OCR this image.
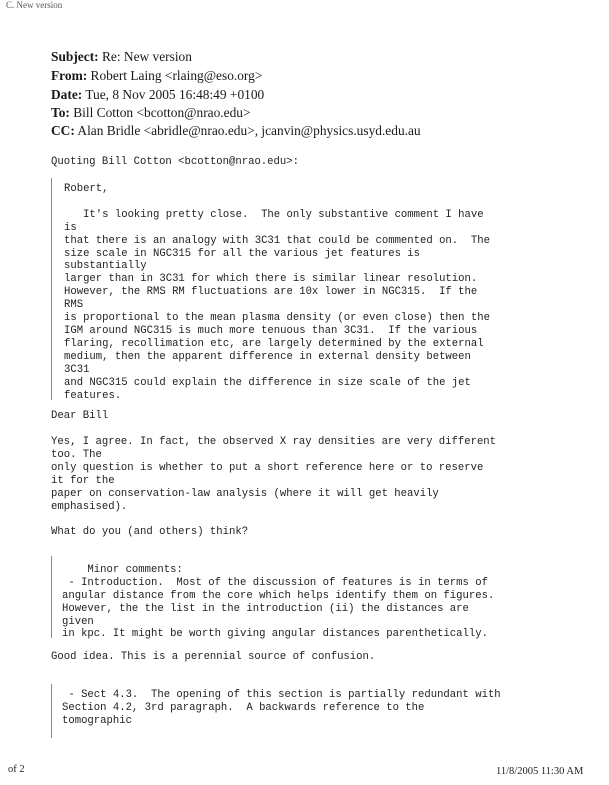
C. New version
Subject: Re: New version
From: Robert Laing <rlaing@eso.org>
Date: Tue, 8 Nov 2005 16:48:49 +0100
To: Bill Cotton <bcotton@nrao.edu>
CC: Alan Bridle <abridle@nrao.edu>, jcanvin@physics.usyd.edu.au
Quoting Bill Cotton <bcotton@nrao.edu>:
Robert,

It's looking pretty close.  The only substantive comment I have
is
that there is an analogy with 3C31 that could be commented on.  The
size scale in NGC315 for all the various jet features is
substantially
larger than in 3C31 for which there is similar linear resolution.
However, the RMS RM fluctuations are 10x lower in NGC315.  If the
RMS
is proportional to the mean plasma density (or even close) then the
IGM around NGC315 is much more tenuous than 3C31.  If the various
flaring, recollimation etc, are largely determined by the external
medium, then the apparent difference in external density between
3C31
and NGC315 could explain the difference in size scale of the jet
features.
Dear Bill
Yes, I agree. In fact, the observed X ray densities are very different
too. The
only question is whether to put a short reference here or to reserve
it for the
paper on conservation-law analysis (where it will get heavily
emphasised).

What do you (and others) think?

Minor comments:
- Introduction.  Most of the discussion of features is in terms of
angular distance from the core which helps identify them on figures.
However, the the list in the introduction (ii) the distances are
given
in kpc. It might be worth giving angular distances parenthetically.
Good idea. This is a perennial source of confusion.
- Sect 4.3.  The opening of this section is partially redundant with
Section 4.2, 3rd paragraph.  A backwards reference to the
tomographic
of 2	11/8/2005 11:30 AM
